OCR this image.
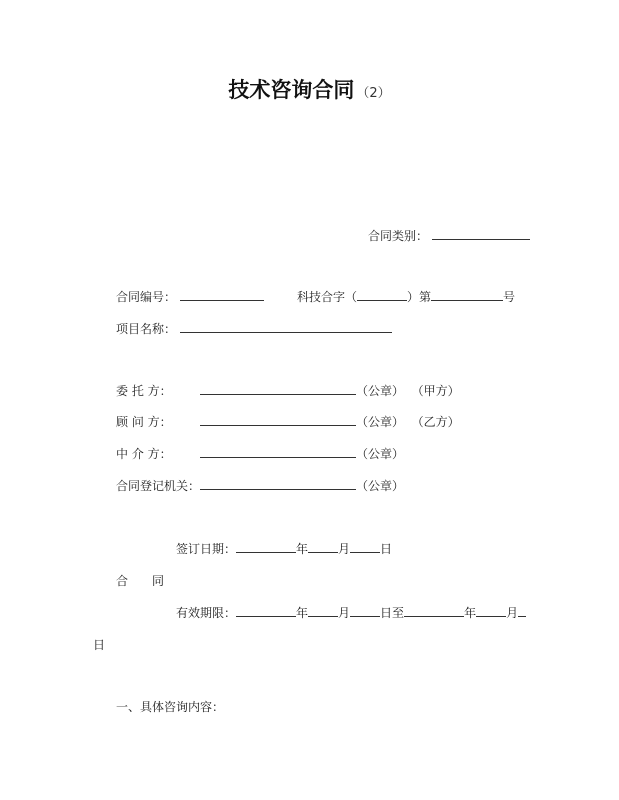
技术咨询合同 （2）
合同类别：
合同编号：	科技合字（	）第	号
项目名称：
委 托 方：	（公章） （甲方）
顾 问 方：	（公章） （乙方）
中 介 方：	（公章）
合同登记机关：	（公章）
签订日期：	年	月	日
合 同
有效期限：	年	月	日至	年	月
日
一、具体咨询内容：
